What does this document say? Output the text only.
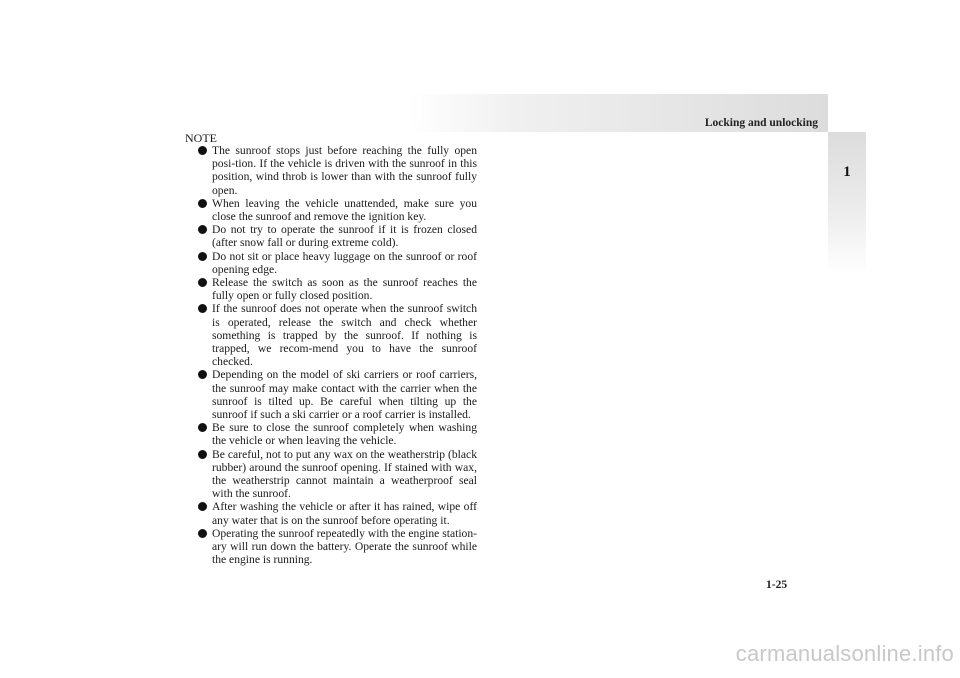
Locking and unlocking
1
NOTE
The sunroof stops just before reaching the fully open posi-tion. If the vehicle is driven with the sunroof in this position, wind throb is lower than with the sunroof fully open.
When leaving the vehicle unattended, make sure you close the sunroof and remove the ignition key.
Do not try to operate the sunroof if it is frozen closed (after snow fall or during extreme cold).
Do not sit or place heavy luggage on the sunroof or roof opening edge.
Release the switch as soon as the sunroof reaches the fully open or fully closed position.
If the sunroof does not operate when the sunroof switch is operated, release the switch and check whether something is trapped by the sunroof. If nothing is trapped, we recom-mend you to have the sunroof checked.
Depending on the model of ski carriers or roof carriers, the sunroof may make contact with the carrier when the sunroof is tilted up. Be careful when tilting up the sunroof if such a ski carrier or a roof carrier is installed.
Be sure to close the sunroof completely when washing the vehicle or when leaving the vehicle.
Be careful, not to put any wax on the weatherstrip (black rubber) around the sunroof opening. If stained with wax, the weatherstrip cannot maintain a weatherproof seal with the sunroof.
After washing the vehicle or after it has rained, wipe off any water that is on the sunroof before operating it.
Operating the sunroof repeatedly with the engine station-ary will run down the battery. Operate the sunroof while the engine is running.
1-25
carmanualsonline.info
